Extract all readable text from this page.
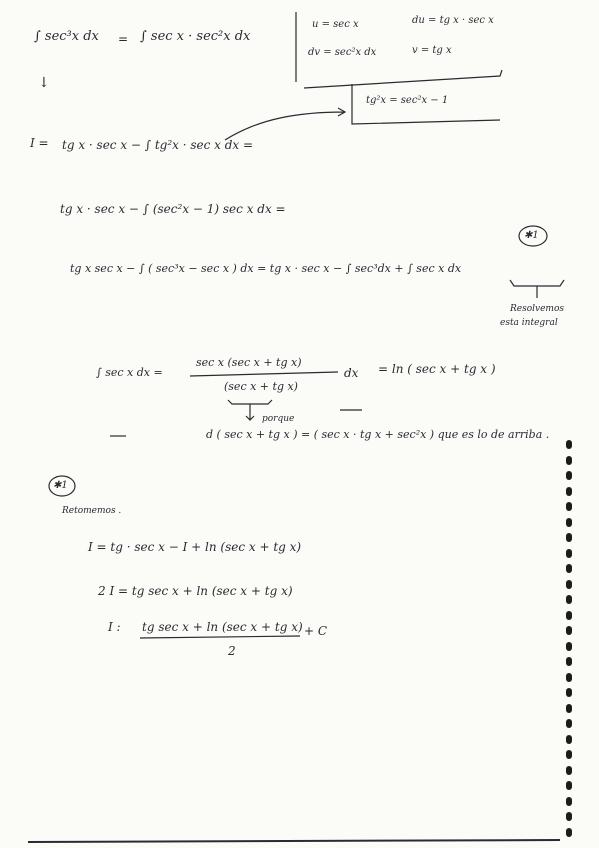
∫ sec³x dx = ∫ sec x · sec²x dx
u = sec x	du = tg x · sec x
dv = sec²x dx	v = tg x
↓
tg²x = sec²x − 1
I = tg x · sec x − ∫ tg²x · sec x dx =
tg x · sec x − ∫ (sec²x − 1) sec x dx =
tg x sec x − ∫ ( sec³x − sec x ) dx = tg x · sec x − ∫ sec³dx + ∫ sec x dx
✱1
Resolvemos
esta integral
∫ sec x dx =
sec x (sec x + tg x)
(sec x + tg x)
dx = ln ( sec x + tg x )
porque
d ( sec x + tg x ) = ( sec x · tg x + sec²x ) que es lo de arriba .
✱1
Retomemos .
I = tg · sec x − I + ln (sec x + tg x)
2 I = tg sec x + ln (sec x + tg x)
I : tg sec x + ln (sec x + tg x) + C
2
